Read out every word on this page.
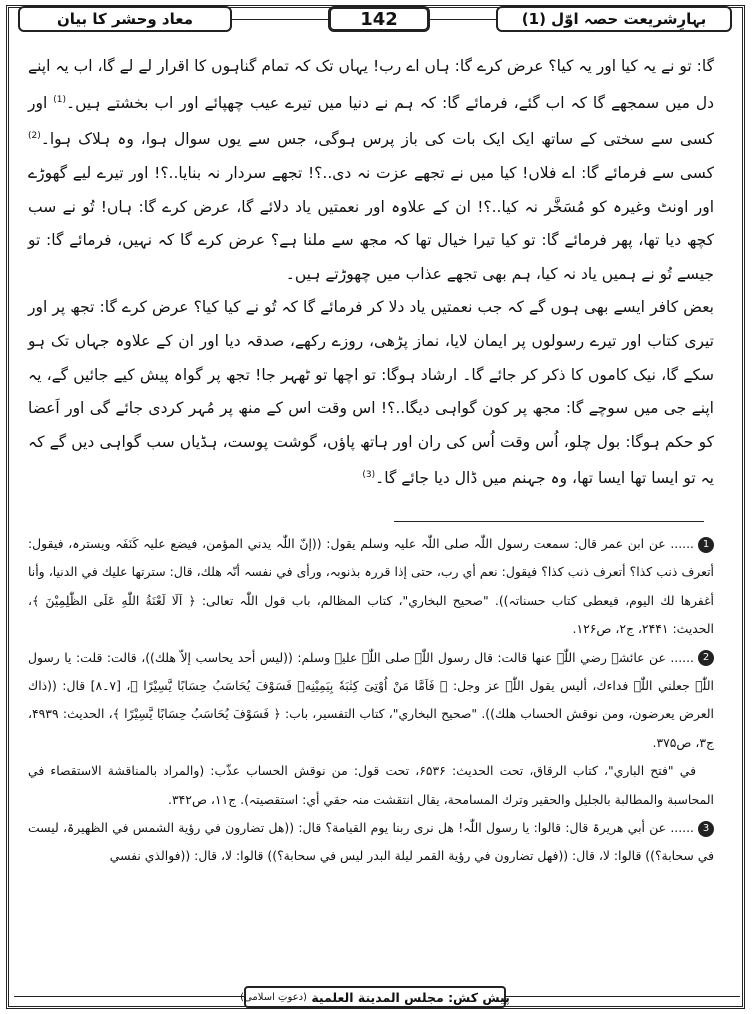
بہارِشریعت حصہ اوّل (1)
142
معاد وحشر کا بیان

گا: تو نے یہ کیا اور یہ کیا؟ عرض کرے گا: ہاں اے رب! یہاں تک کہ تمام گناہوں کا اقرار لے لے گا، اب یہ اپنے دل میں سمجھے گا کہ اب گئے، فرمائے گا: کہ ہم نے دنیا میں تیرے عیب چھپائے اور اب بخشتے ہیں۔$^{(1)}$ اور کسی سے سختی کے ساتھ ایک ایک بات کی باز پرس ہوگی، جس سے یوں سوال ہوا، وہ ہلاک ہوا۔$^{(2)}$ کسی سے فرمائے گا: اے فلاں! کیا میں نے تجھے عزت نہ دی..؟! تجھے سردار نہ بنایا..؟! اور تیرے لیے گھوڑے اور اونٹ وغیرہ کو مُسَخَّر نہ کیا..؟! ان کے علاوہ اور نعمتیں یاد دلائے گا، عرض کرے گا: ہاں! تُو نے سب کچھ دیا تھا، پھر فرمائے گا: تو کیا تیرا خیال تھا کہ مجھ سے ملنا ہے؟ عرض کرے گا کہ نہیں، فرمائے گا: تو جیسے تُو نے ہمیں یاد نہ کیا، ہم بھی تجھے عذاب میں چھوڑتے ہیں۔

بعض کافر ایسے بھی ہوں گے کہ جب نعمتیں یاد دلا کر فرمائے گا کہ تُو نے کیا کیا؟ عرض کرے گا: تجھ پر اور تیری کتاب اور تیرے رسولوں پر ایمان لایا، نماز پڑھی، روزے رکھے، صدقہ دیا اور ان کے علاوہ جہاں تک ہو سکے گا، نیک کاموں کا ذکر کر جائے گا۔ ارشاد ہوگا: تو اچھا تو ٹھہر جا! تجھ پر گواہ پیش کیے جائیں گے، یہ اپنے جی میں سوچے گا: مجھ پر کون گواہی دیگا..؟! اس وقت اس کے منھ پر مُہر کردی جائے گی اور اَعضا کو حکم ہوگا: بول چلو، اُس وقت اُس کی ران اور ہاتھ پاؤں، گوشت پوست، ہڈیاں سب گواہی دیں گے کہ یہ تو ایسا تھا ایسا تھا، وہ جہنم میں ڈال دیا جائے گا۔$^{(3)}$

1...... عن ابن عمر قال: سمعت رسول اللّٰہ صلی اللّٰہ علیہ وسلم یقول: ((إنّ اللّٰہ یدني المؤمن، فیضع علیہ کَنَفَہ ویسترہ، فیقول: أتعرف ذنب کذا؟ أتعرف ذنب کذا؟ فیقول: نعم أي رب، حتی إذا قررہ بذنوبہ، ورأی في نفسہ أنّہ ھلك، قال: سترتھا علیك في الدنیا، وأنا أغفرھا لك الیوم، فیعطی کتاب حسناتہ)). "صحیح البخاري"، کتاب المظالم، باب قول اللّٰہ تعالی: ﴿ اَلَا لَعْنَةُ اللّٰهِ عَلَى الظّٰلِمِیْنَ ﴾، الحدیث: ۲۴۴۱، ج۲، ص۱۲۶.

2...... عن عائشۃ رضي اللّٰہ عنھا قالت: قال رسول اللّٰہ صلی اللّٰہ علیہ وسلم: ((لیس أحد یحاسب إلاّ ھلك))، قالت: قلت: یا رسول اللّٰہ جعلني اللّٰہ فداءك، ألیس یقول اللّٰہ عز وجل: ﴿ فَاَمَّا مَنْ اُوْتِیَ كِتٰبَهٗ بِیَمِیْنِهٖ فَسَوْفَ یُحَاسَبُ حِسَابًا یَّسِیْرًا ﴾، [۷۔۸] قال: ((ذاك العرض یعرضون، ومن نوقش الحساب ھلك)). "صحیح البخاري"، کتاب التفسیر، باب: ﴿ فَسَوْفَ یُحَاسَبُ حِسَابًا یَّسِیْرًا ﴾، الحدیث: ۴۹۳۹، ج۳، ص۳۷۵.

في "فتح الباري"، کتاب الرقاق، تحت الحدیث: ۶۵۳۶، تحت قول: من نوقش الحساب عذّب: (والمراد بالمناقشة الاستقصاء في المحاسبة والمطالبة بالجلیل والحقیر وترك المسامحة، یقال انتقشت منہ حقي أي: استقصیتہ). ج۱۱، ص۳۴۲.

3...... عن أبي ھریرۃ قال: قالوا: یا رسول اللّٰہ! ھل نری ربنا یوم القیامة؟ قال: ((ھل تضارون في رؤیة الشمس في الظھیرۃ، لیست في سحابة؟)) قالوا: لا، قال: ((فھل تضارون في رؤیة القمر لیلة البدر لیس في سحابة؟)) قالوا: لا، قال: ((فوالذي نفسي

پیش کش:

مجلس المدینة العلمیة

(دعوتِ اسلامی)
